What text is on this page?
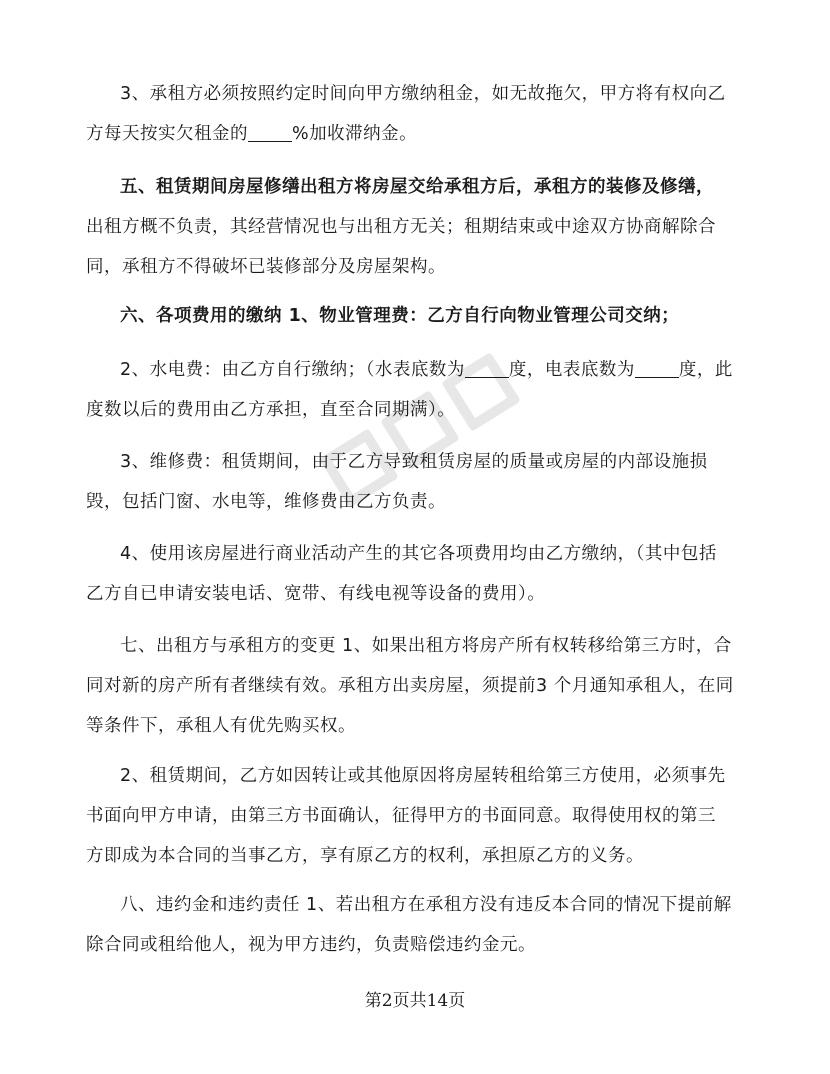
3、承租方必须按照约定时间向甲方缴纳租金，如无故拖欠，甲方将有权向乙
方每天按实欠租金的	%加收滞纳金。
五、租赁期间房屋修缮出租方将房屋交给承租方后，承租方的装修及修缮，
出租方概不负责，其经营情况也与出租方无关；租期结束或中途双方协商解除合
同，承租方不得破坏已装修部分及房屋架构。
六、各项费用的缴纳 1、物业管理费：乙方自行向物业管理公司交纳；
2、水电费：由乙方自行缴纳；（水表底数为	度，电表底数为	度，此
度数以后的费用由乙方承担，直至合同期满）。
3、维修费：租赁期间，由于乙方导致租赁房屋的质量或房屋的内部设施损
毁，包括门窗、水电等，维修费由乙方负责。
4、使用该房屋进行商业活动产生的其它各项费用均由乙方缴纳，（其中包括
乙方自已申请安装电话、宽带、有线电视等设备的费用）。
七、出租方与承租方的变更 1、如果出租方将房产所有权转移给第三方时，合
同对新的房产所有者继续有效。承租方出卖房屋，须提前3 个月通知承租人，在同
等条件下，承租人有优先购买权。
2、租赁期间，乙方如因转让或其他原因将房屋转租给第三方使用，必须事先
书面向甲方申请，由第三方书面确认，征得甲方的书面同意。取得使用权的第三
方即成为本合同的当事乙方，享有原乙方的权利，承担原乙方的义务。
八、违约金和违约责任 1、若出租方在承租方没有违反本合同的情况下提前解
除合同或租给他人，视为甲方违约，负责赔偿违约金元。
第2页共14页
